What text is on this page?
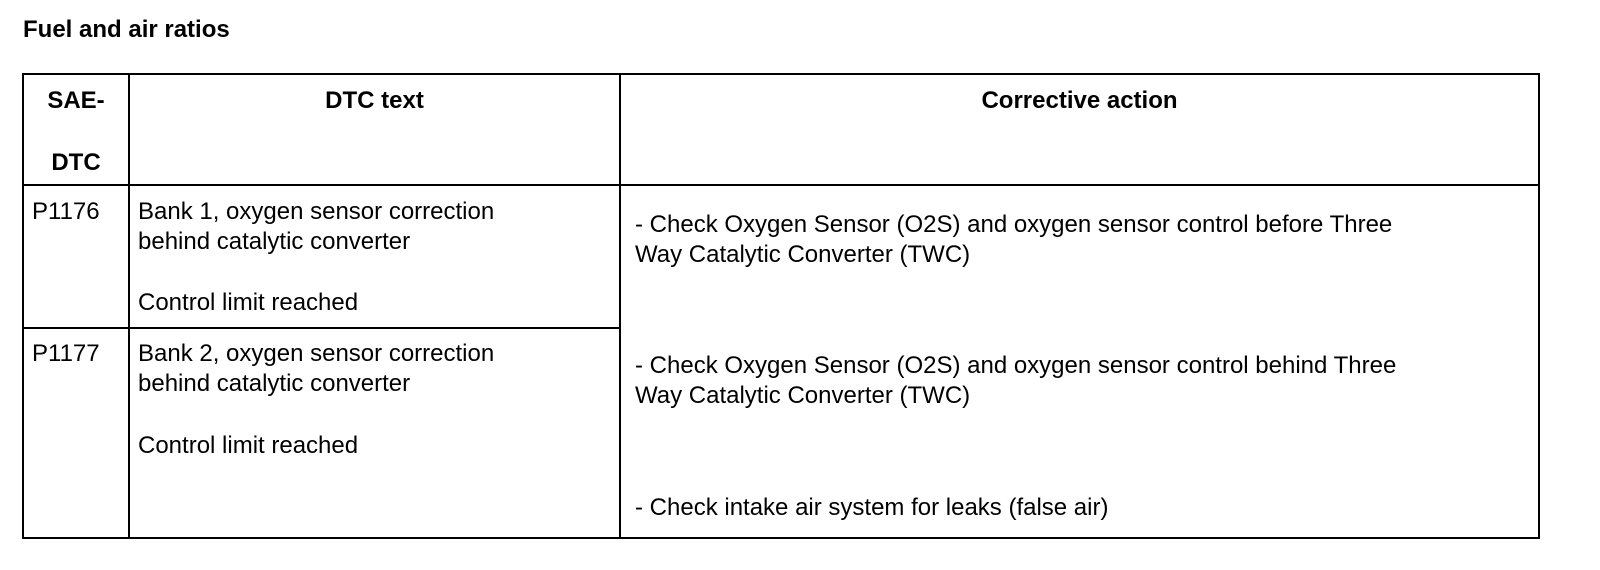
Fuel and air ratios
SAE-
DTC
DTC text	Corrective action
P1176 Bank 1, oxygen sensor correction
behind catalytic converter
Control limit reached
P1177 Bank 2, oxygen sensor correction
behind catalytic converter
Control limit reached
- Check Oxygen Sensor (O2S) and oxygen sensor control before Three
Way Catalytic Converter (TWC)
- Check Oxygen Sensor (O2S) and oxygen sensor control behind Three
Way Catalytic Converter (TWC)
- Check intake air system for leaks (false air)
